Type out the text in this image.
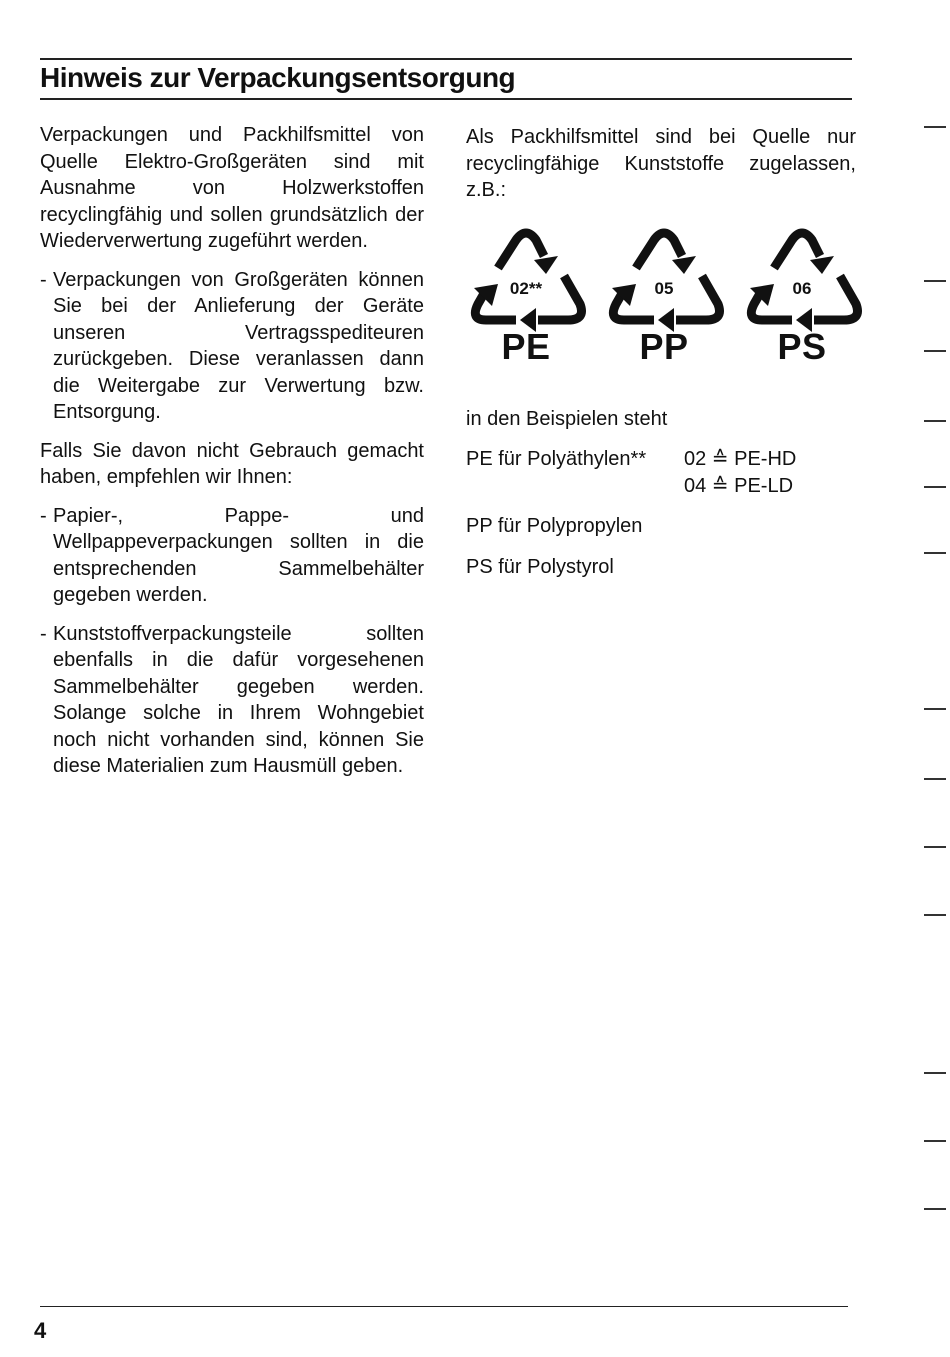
Hinweis zur Verpackungsentsorgung

Verpackungen und Packhilfsmittel von Quelle Elektro-Großgeräten sind mit Ausnahme von Holzwerkstoffen recyclingfähig und sollen grundsätzlich der Wiederverwertung zugeführt werden.

- Verpackungen von Großgeräten können Sie bei der Anlieferung der Geräte unseren Vertragsspediteuren zurückgeben. Diese veranlassen dann die Weitergabe zur Verwertung bzw. Entsorgung.

Falls Sie davon nicht Gebrauch gemacht haben, empfehlen wir Ihnen:

- Papier-, Pappe- und Wellpappeverpackungen sollten in die entsprechenden Sammelbehälter gegeben werden.

- Kunststoffverpackungsteile sollten ebenfalls in die dafür vorgesehenen Sammelbehälter gegeben werden. Solange solche in Ihrem Wohngebiet noch nicht vorhanden sind, können Sie diese Materialien zum Hausmüll geben.

Als Packhilfsmittel sind bei Quelle nur recyclingfähige Kunststoffe zugelassen, z.B.:

02**
PE
05
PP
06
PS

in den Beispielen steht

PE für Polyäthylen**	02 ≙ PE-HD

04 ≙ PE-LD

PP für Polypropylen

PS für Polystyrol

4
